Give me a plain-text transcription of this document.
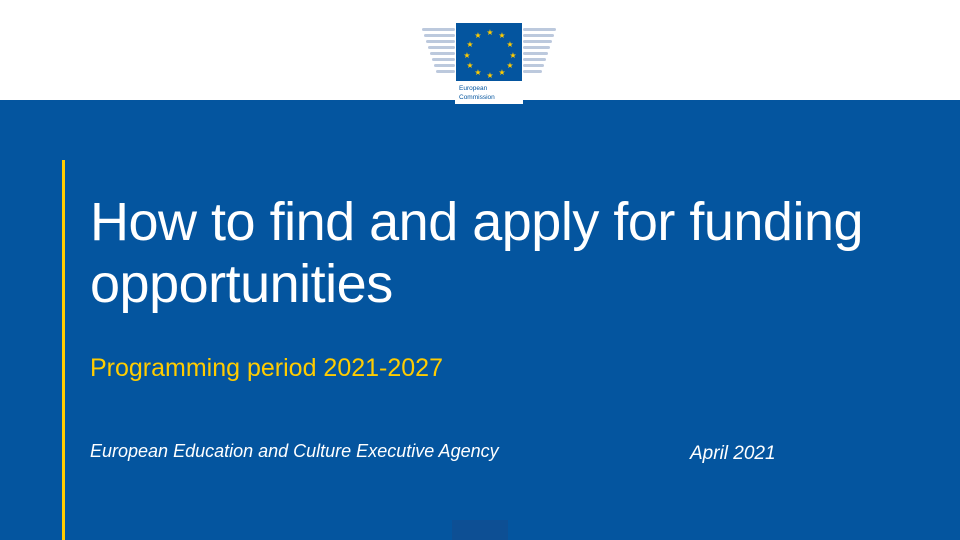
★ ★
★
★
★
★
★
★
★
★
★
★
European
Commission
How to find and apply for funding opportunities
Programming period 2021-2027
European Education and Culture Executive Agency	April 2021
